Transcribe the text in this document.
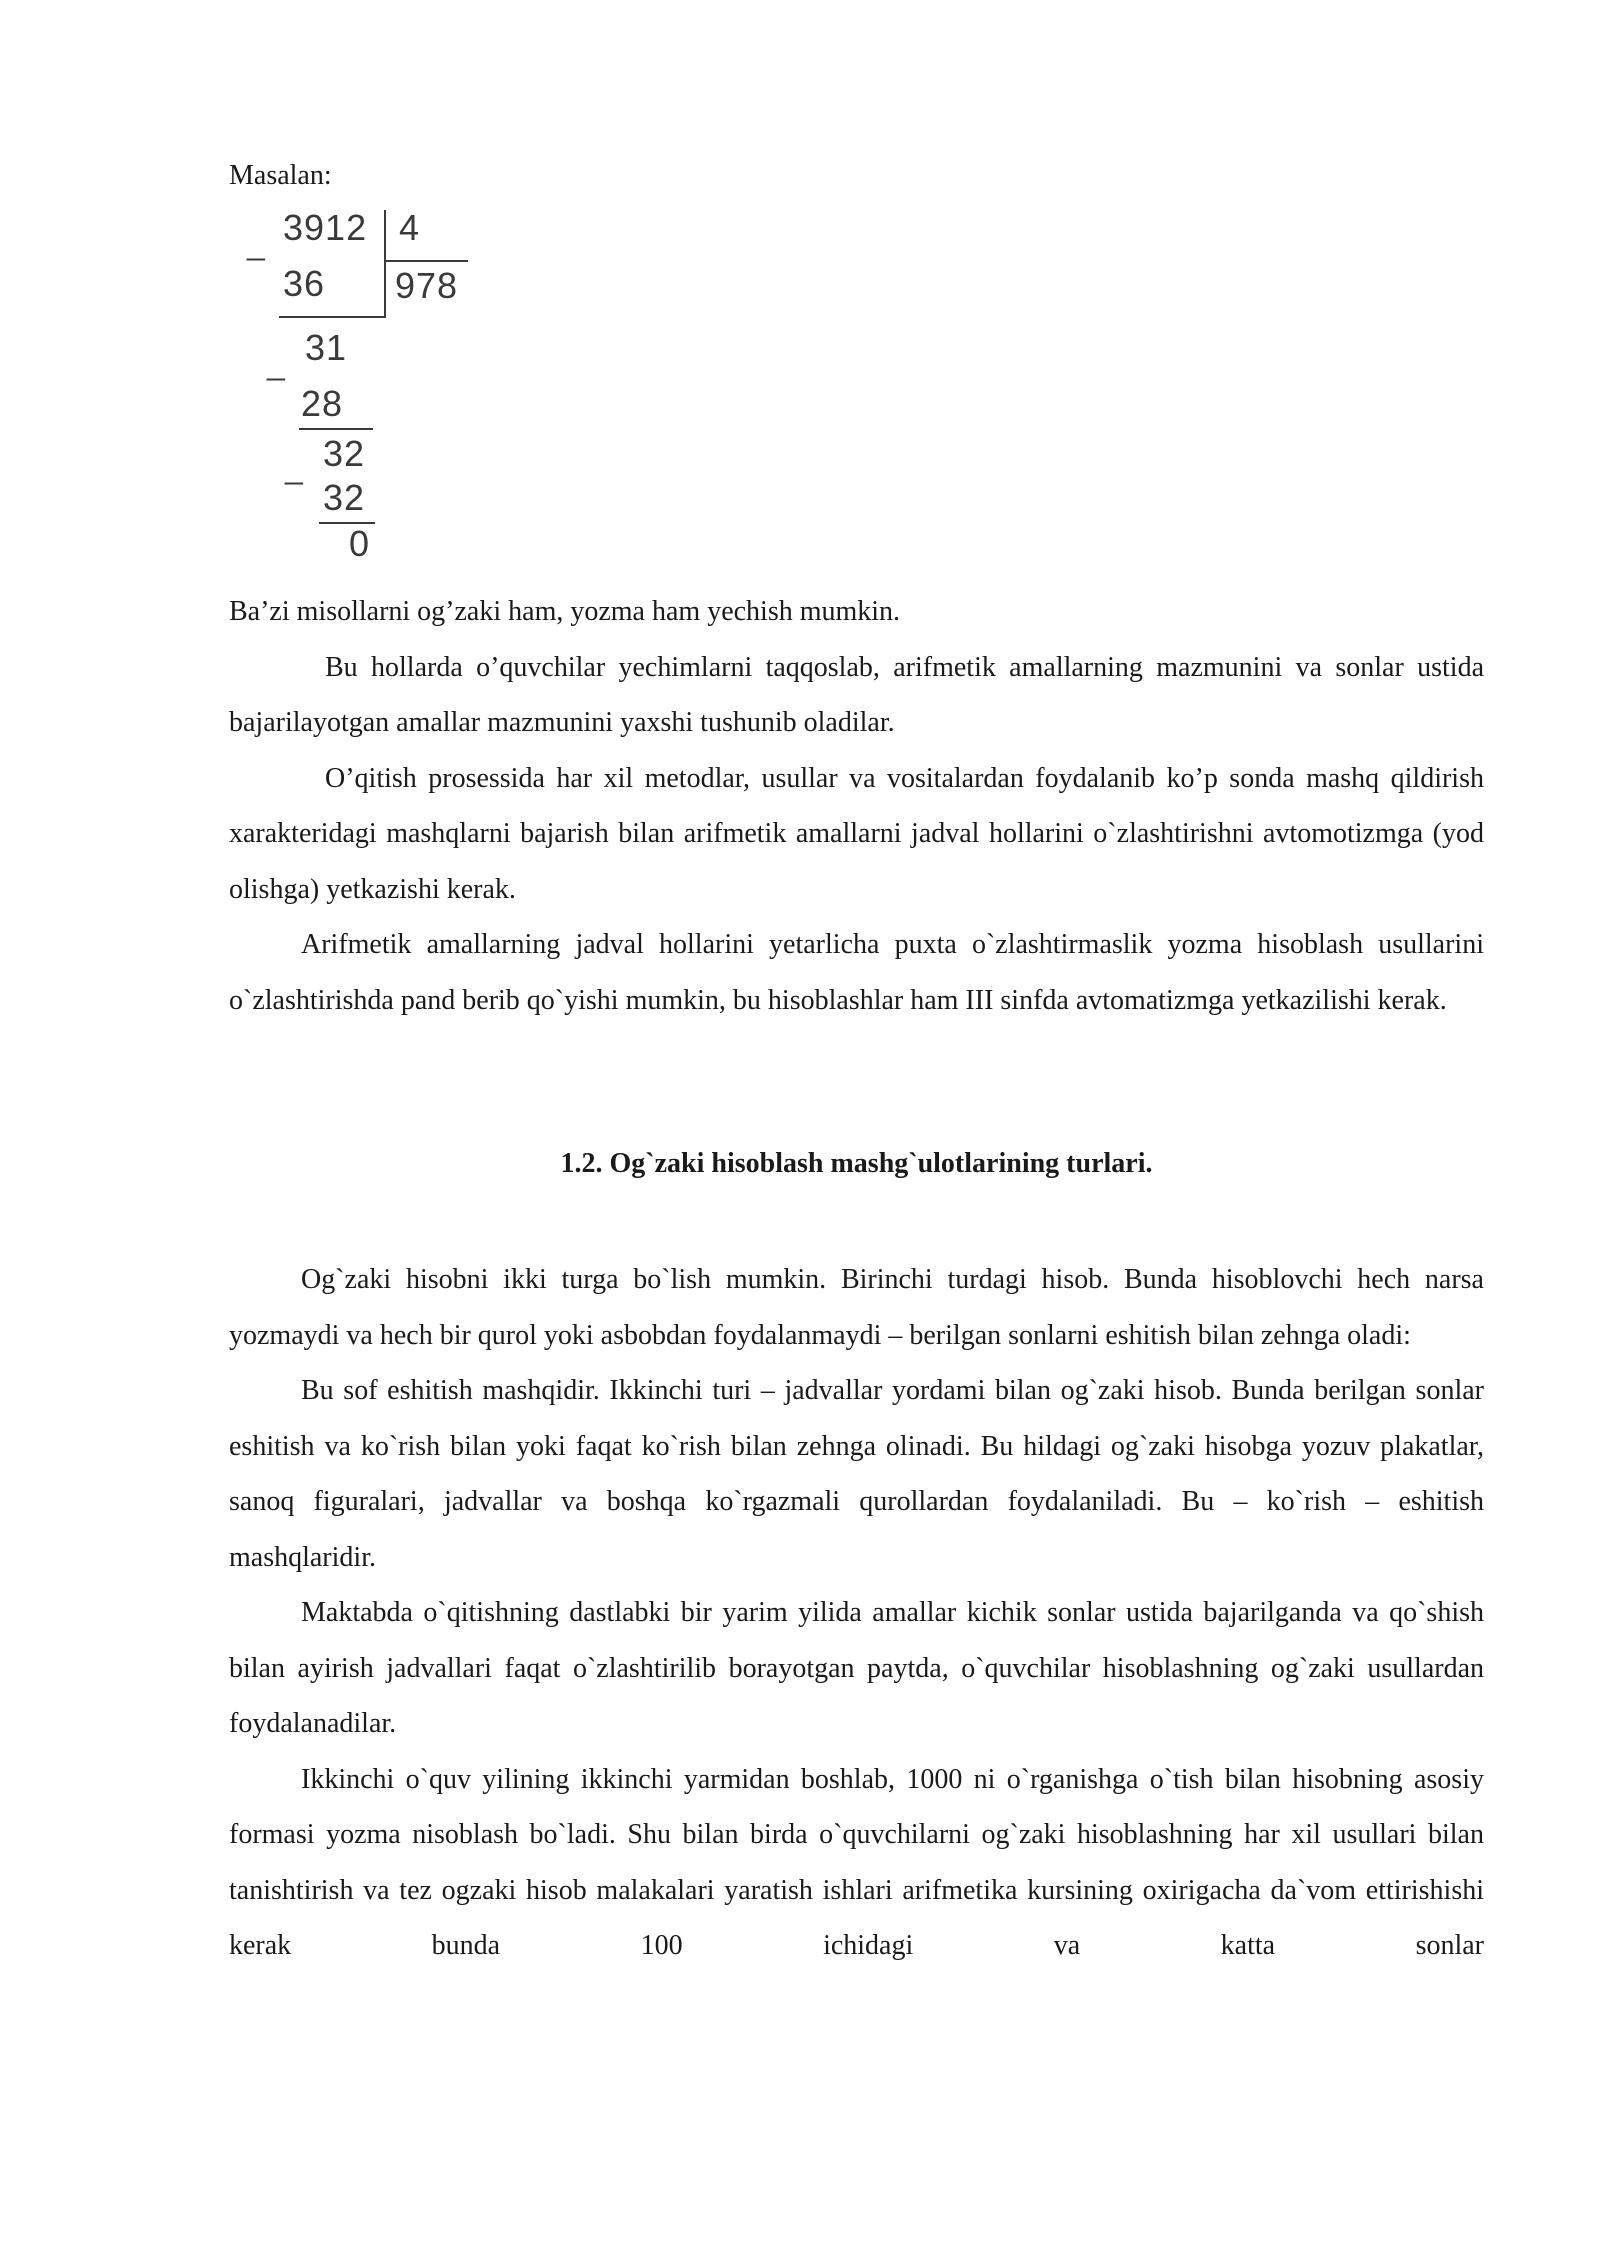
Masalan:

_ 3912 4
978
36
_ 31
28
_ 32
32
0

Ba’zi misollarni og’zaki ham, yozma ham yechish mumkin.

Bu hollarda o’quvchilar yechimlarni taqqoslab, arifmetik amallarning mazmunini va sonlar ustida bajarilayotgan amallar mazmunini yaxshi tushunib oladilar.

O’qitish prosessida har xil metodlar, usullar va vositalardan foydalanib ko’p sonda mashq qildirish xarakteridagi mashqlarni bajarish bilan arifmetik amallarni jadval hollarini o`zlashtirishni avtomotizmga (yod olishga) yetkazishi kerak.

Arifmetik amallarning jadval hollarini yetarlicha puxta o`zlashtirmaslik yozma hisoblash usullarini o`zlashtirishda pand berib qo`yishi mumkin, bu hisoblashlar ham III sinfda avtomatizmga yetkazilishi kerak.

1.2. Og`zaki hisoblash mashg`ulotlarining turlari.

Og`zaki hisobni ikki turga bo`lish mumkin. Birinchi turdagi hisob. Bunda hisoblovchi hech narsa yozmaydi va hech bir qurol yoki asbobdan foydalanmaydi – berilgan sonlarni eshitish bilan zehnga oladi:

Bu sof eshitish mashqidir. Ikkinchi turi – jadvallar yordami bilan og`zaki hisob. Bunda berilgan sonlar eshitish va ko`rish bilan yoki faqat ko`rish bilan zehnga olinadi. Bu hildagi og`zaki hisobga yozuv plakatlar, sanoq figuralari, jadvallar va boshqa ko`rgazmali qurollardan foydalaniladi. Bu – ko`rish – eshitish mashqlaridir.

Maktabda o`qitishning dastlabki bir yarim yilida amallar kichik sonlar ustida bajarilganda va qo`shish bilan ayirish jadvallari faqat o`zlashtirilib borayotgan paytda, o`quvchilar hisoblashning og`zaki usullardan foydalanadilar.

Ikkinchi o`quv yilining ikkinchi yarmidan boshlab, 1000 ni o`rganishga o`tish bilan hisobning asosiy formasi yozma nisoblash bo`ladi. Shu bilan birda o`quvchilarni og`zaki hisoblashning har xil usullari bilan tanishtirish va tez ogzaki hisob malakalari yaratish ishlari arifmetika kursining oxirigacha da`vom ettirishishi kerak bunda 100 ichidagi va katta sonlar
